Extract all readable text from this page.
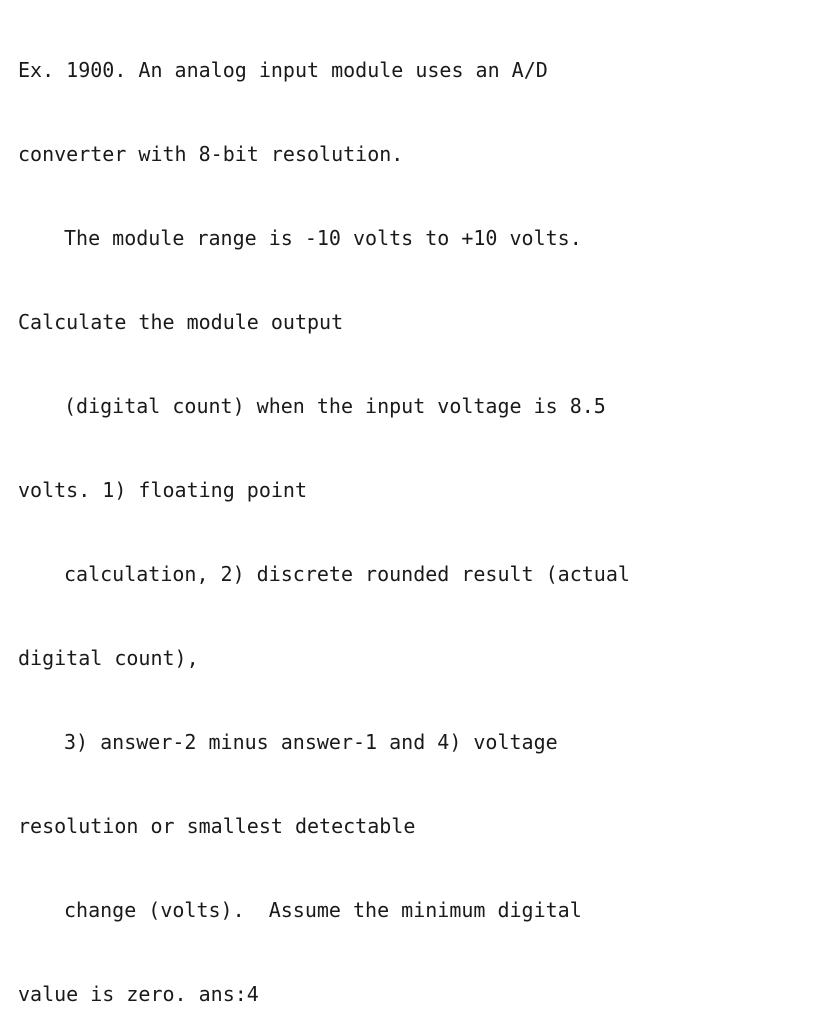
Ex. 1900. An analog input module uses an A/D

converter with 8-bit resolution.

The module range is -10 volts to +10 volts.

Calculate the module output

(digital count) when the input voltage is 8.5

volts. 1) floating point

calculation, 2) discrete rounded result (actual

digital count),

3) answer-2 minus answer-1 and 4) voltage

resolution or smallest detectable

change (volts).  Assume the minimum digital

value is zero. ans:4
